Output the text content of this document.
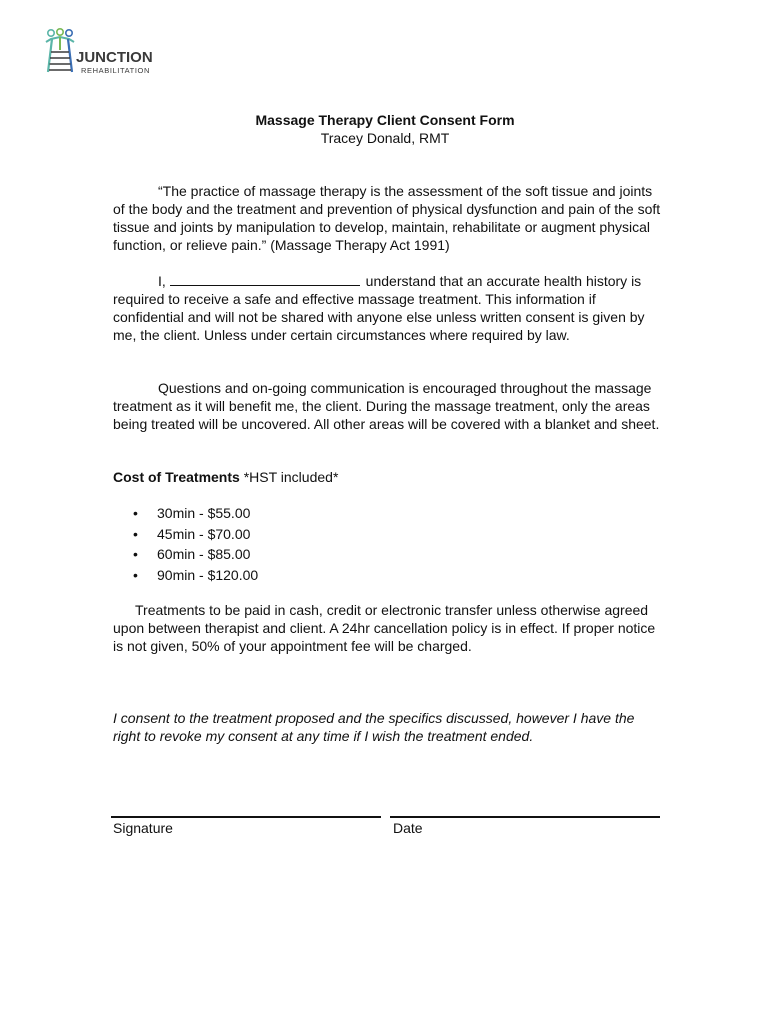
JUNCTION
REHABILITATION
Massage Therapy Client Consent Form
Tracey Donald, RMT

“The practice of massage therapy is the assessment of the soft tissue and joints of the body and the treatment and prevention of physical dysfunction and pain of the soft tissue and joints by manipulation to develop, maintain, rehabilitate or augment physical function, or relieve pain.” (Massage Therapy Act 1991)

I,	understand that an accurate health history is required to receive a safe and effective massage treatment. This information if confidential and will not be shared with anyone else unless written consent is given by me, the client. Unless under certain circumstances where required by law.

Questions and on-going communication is encouraged throughout the massage treatment as it will benefit me, the client. During the massage treatment, only the areas being treated will be uncovered. All other areas will be covered with a blanket and sheet.

Cost of Treatments *HST included*
• 30min - $55.00
• 45min - $70.00
• 60min - $85.00
• 90min - $120.00

Treatments to be paid in cash, credit or electronic transfer unless otherwise agreed upon between therapist and client. A 24hr cancellation policy is in effect. If proper notice is not given, 50% of your appointment fee will be charged.

I consent to the treatment proposed and the specifics discussed, however I have the right to revoke my consent at any time if I wish the treatment ended.
Signature	Date
